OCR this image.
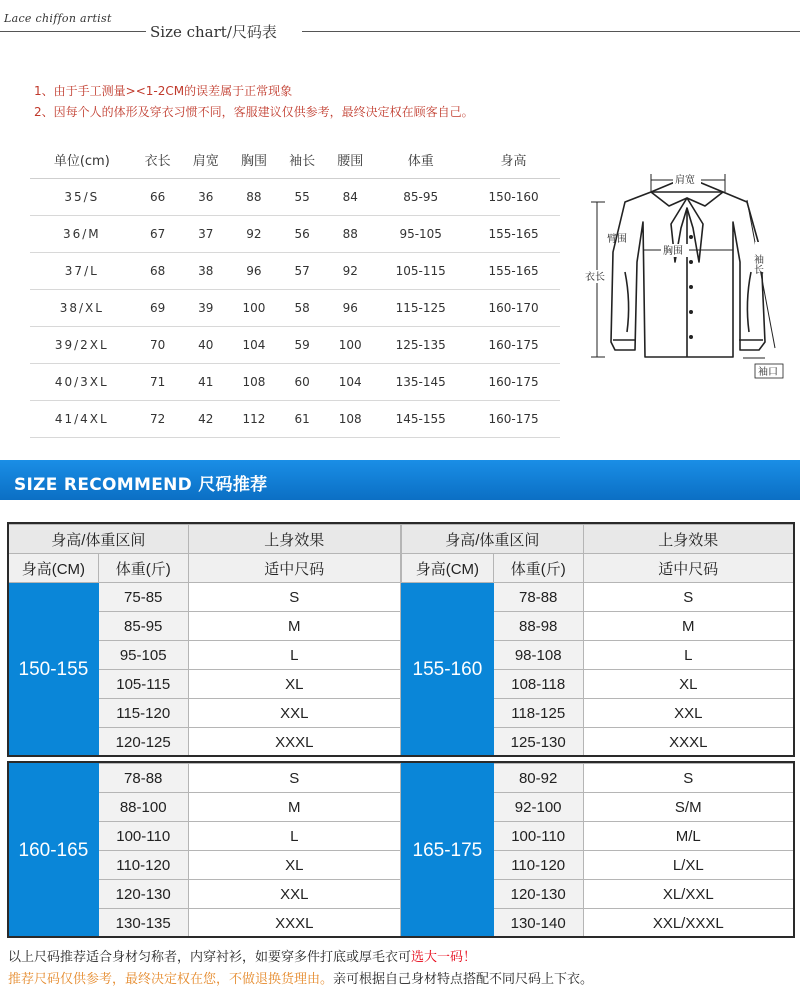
Lace chiffon artist
Size chart/尺码表
1、由于手工测量><1-2CM的误差属于正常现象
2、因每个人的体形及穿衣习惯不同，客服建议仅供参考，最终决定权在顾客自己。
单位(cm)	衣长	肩宽	胸围	袖长	腰围	体重	身高
35/S	66	36	88	55	84	85-95	150-160
36/M	67	37	92	56	88	95-105	155-165
37/L	68	38	96	57	92	105-115	155-165
38/XL	69	39	100	58	96	115-125	160-170
39/2XL	70	40	104	59	100	125-135	160-175
40/3XL	71	41	108	60	104	135-145	160-175
41/4XL	72	42	112	61	108	145-155	160-175
肩宽
臂围
胸围
衣长
袖长
袖口
SIZE RECOMMEND 尺码推荐
身高/体重区间		上身效果
身高(CM)	体重(斤)	适中尺码
150-155	75-85	S
	85-95	M
	95-105	L
	105-115	XL
	115-120	XXL
	120-125	XXXL
身高/体重区间		上身效果
身高(CM)	体重(斤)	适中尺码
155-160	78-88	S
	88-98	M
	98-108	L
	108-118	XL
	118-125	XXL
	125-130	XXXL
160-165	78-88	S
	88-100	M
	100-110	L
	110-120	XL
	120-130	XXL
	130-135	XXXL
165-175	80-92	S
	92-100	S/M
	100-110	M/L
	110-120	L/XL
	120-130	XL/XXL
	130-140	XXL/XXXL
以上尺码推荐适合身材匀称者，内穿衬衫，如要穿多件打底或厚毛衣可选大一码！
推荐尺码仅供参考，最终决定权在您，不做退换货理由。亲可根据自己身材特点搭配不同尺码上下衣。
